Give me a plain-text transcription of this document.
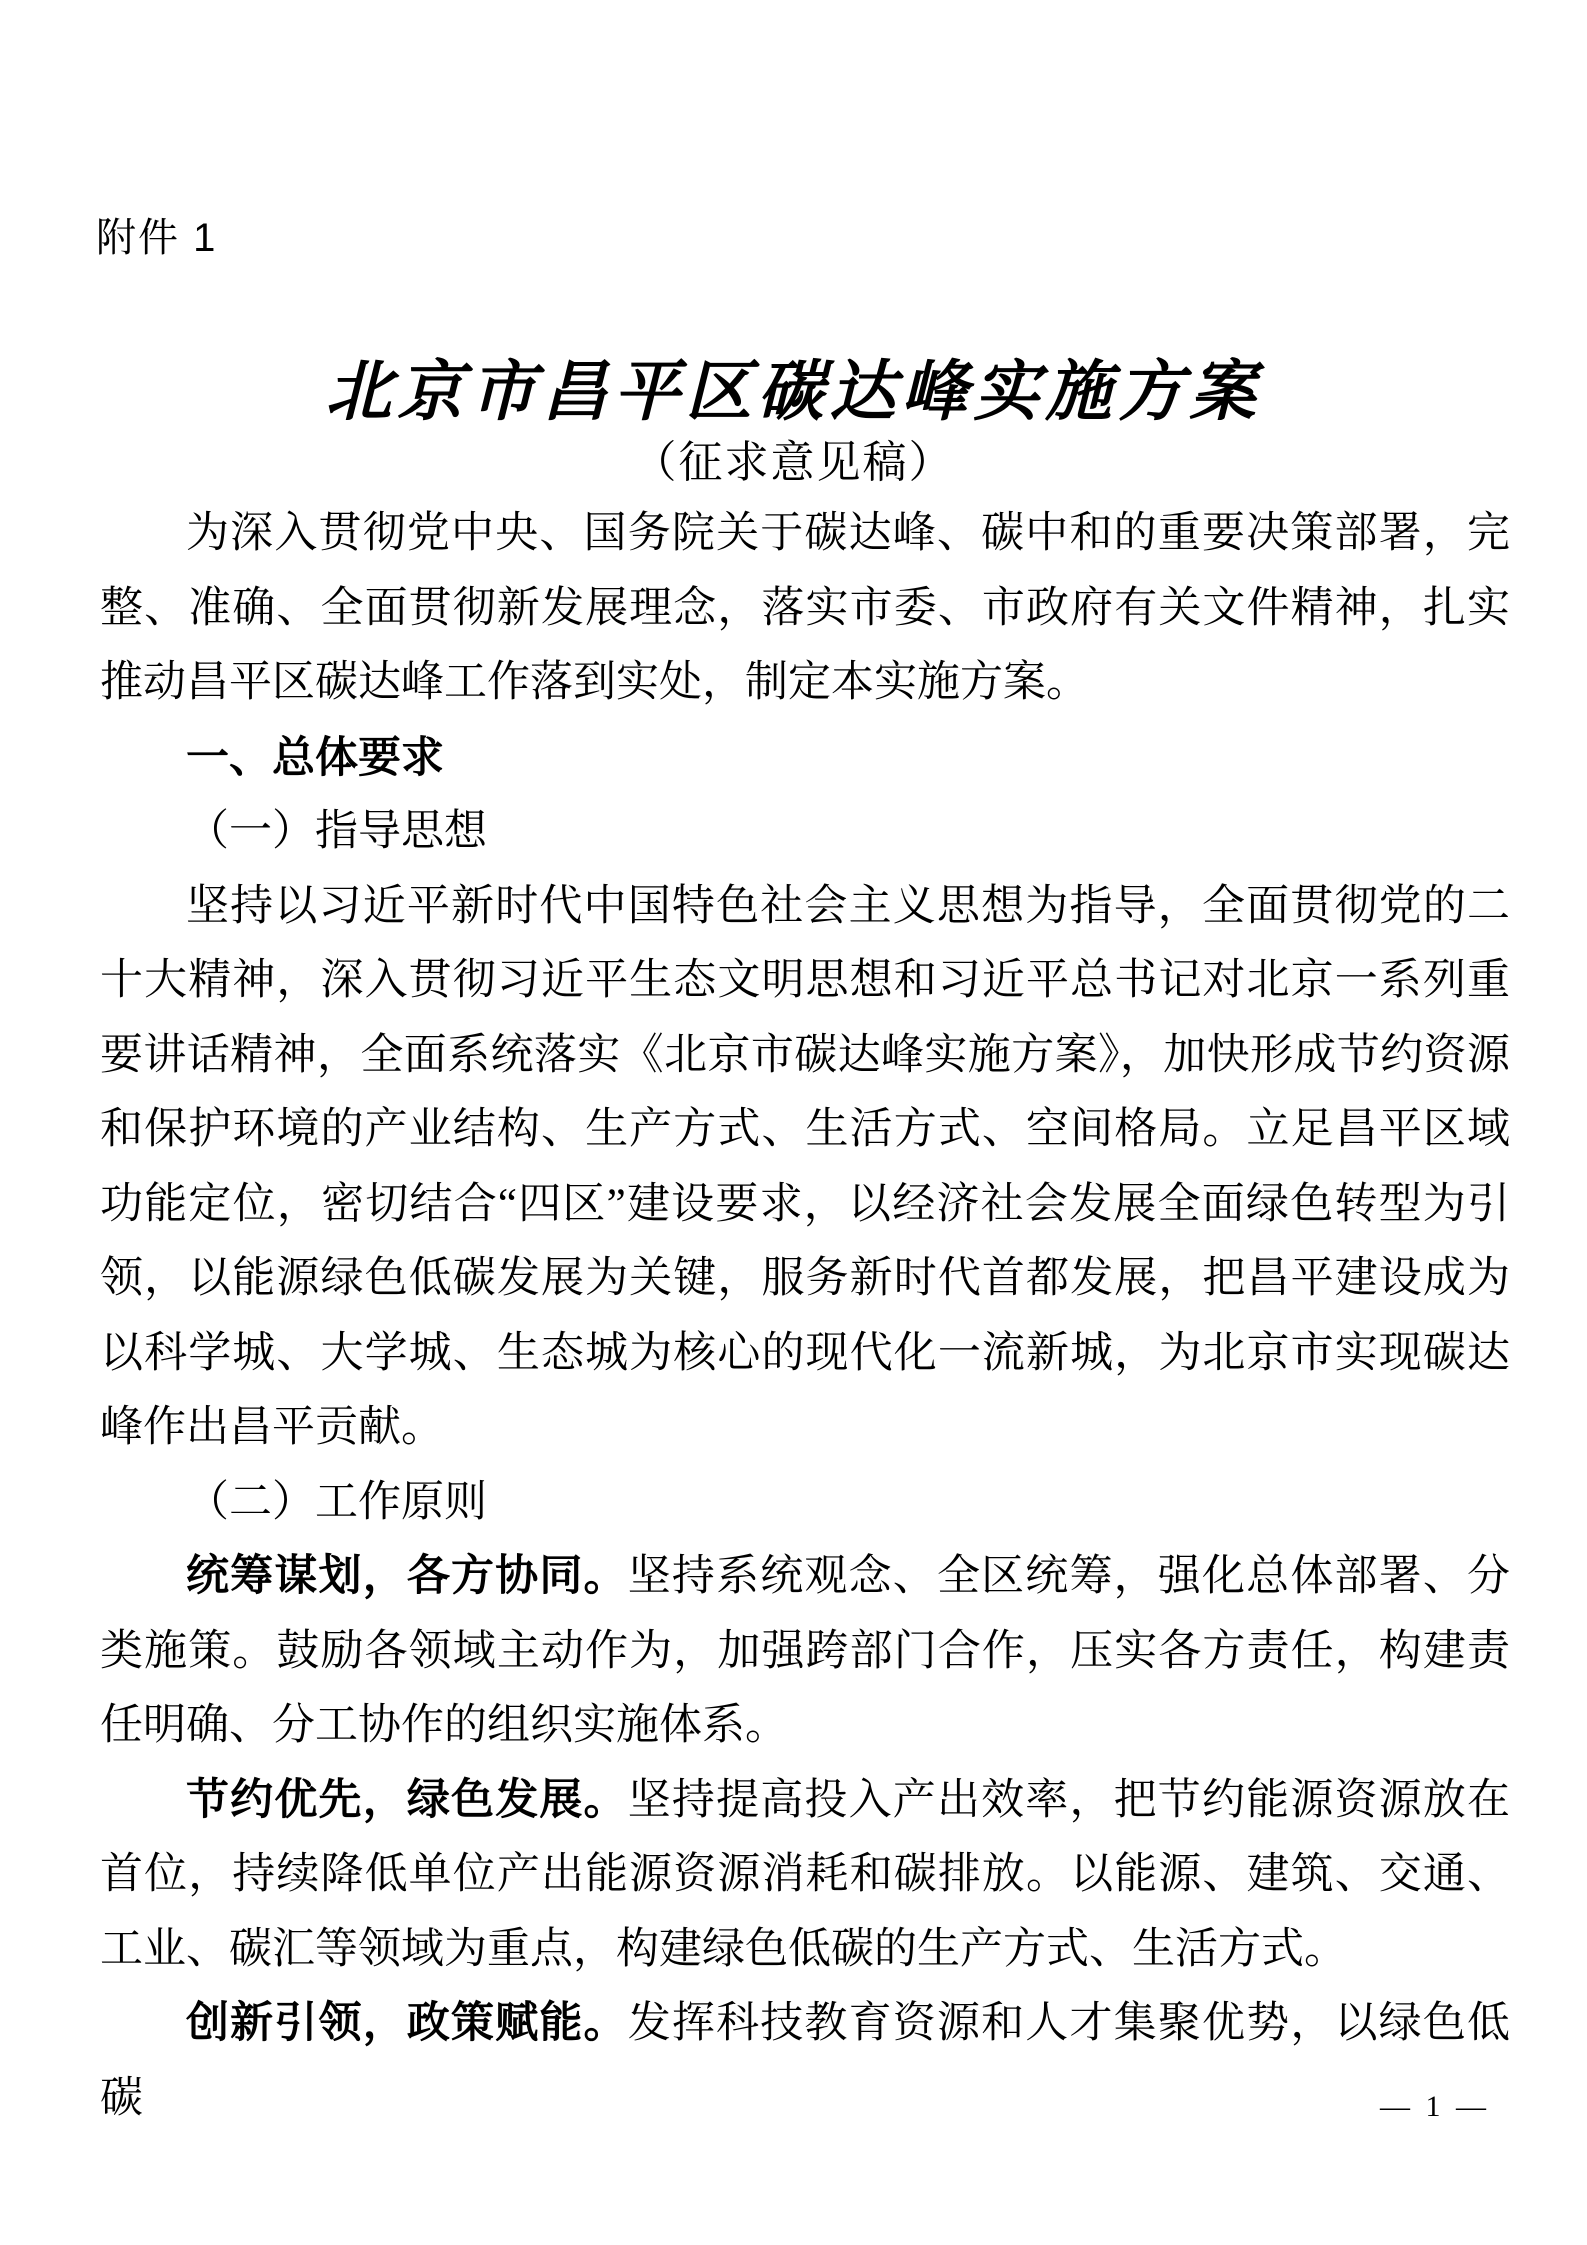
附件 1
北京市昌平区碳达峰实施方案
（征求意见稿）

为深入贯彻党中央、国务院关于碳达峰、碳中和的重要决策部署，完整、准确、全面贯彻新发展理念，落实市委、市政府有关文件精神，扎实推动昌平区碳达峰工作落到实处，制定本实施方案。

一、总体要求

（一）指导思想

坚持以习近平新时代中国特色社会主义思想为指导，全面贯彻党的二十大精神，深入贯彻习近平生态文明思想和习近平总书记对北京一系列重要讲话精神，全面系统落实《北京市碳达峰实施方案》，加快形成节约资源和保护环境的产业结构、生产方式、生活方式、空间格局。立足昌平区域功能定位，密切结合“四区”建设要求，以经济社会发展全面绿色转型为引领，以能源绿色低碳发展为关键，服务新时代首都发展，把昌平建设成为以科学城、大学城、生态城为核心的现代化一流新城，为北京市实现碳达峰作出昌平贡献。

（二）工作原则

统筹谋划，各方协同。坚持系统观念、全区统筹，强化总体部署、分类施策。鼓励各领域主动作为，加强跨部门合作，压实各方责任，构建责任明确、分工协作的组织实施体系。

节约优先，绿色发展。坚持提高投入产出效率，把节约能源资源放在首位，持续降低单位产出能源资源消耗和碳排放。以能源、建筑、交通、工业、碳汇等领域为重点，构建绿色低碳的生产方式、生活方式。

创新引领，政策赋能。发挥科技教育资源和人才集聚优势，以绿色低碳	— 1 —
